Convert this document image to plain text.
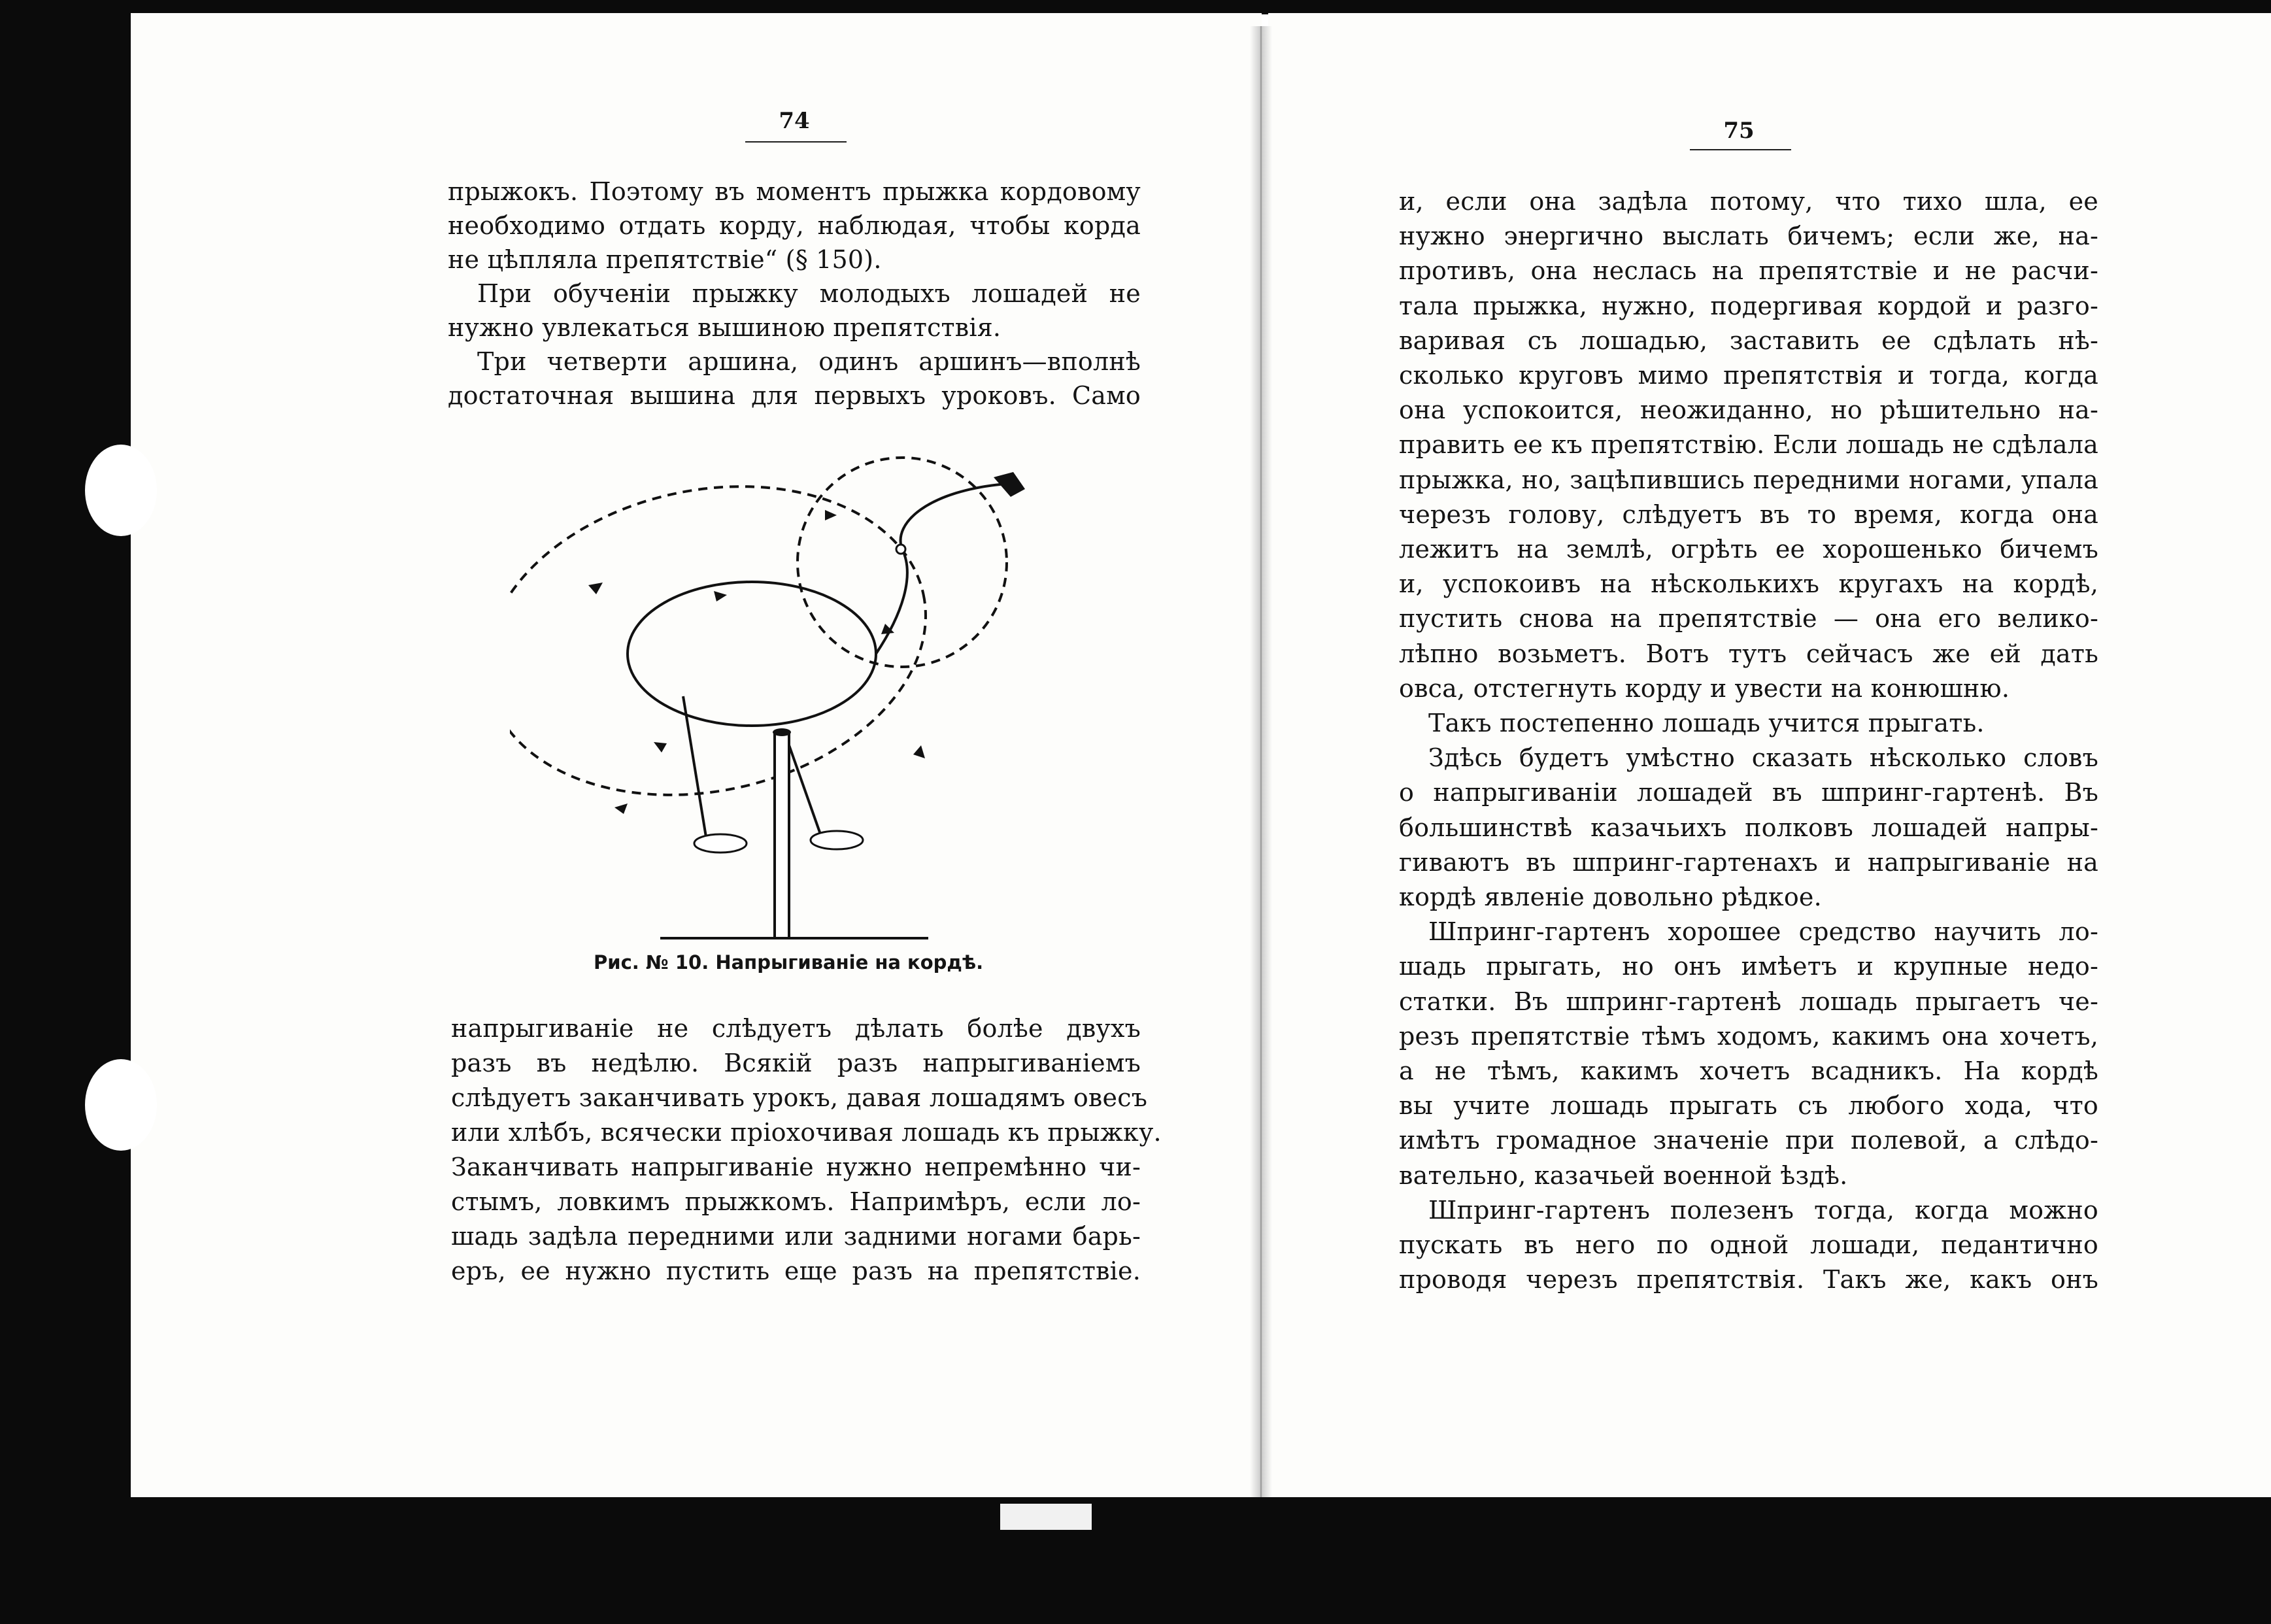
74
прыжокъ. Поэтому въ моментъ прыжка кордовому
необходимо отдать корду, наблюдая, чтобы корда
не цѣпляла препятствіе“ (§ 150).
При обученіи прыжку молодыхъ лошадей не
нужно увлекаться вышиною препятствія.
Три четверти аршина, одинъ аршинъ—вполнѣ
достаточная вышина для первыхъ уроковъ. Само
Рис. № 10. Напрыгиваніе на кордѣ.
напрыгиваніе не слѣдуетъ дѣлать болѣе двухъ
разъ въ недѣлю. Всякій разъ напрыгиваніемъ
слѣдуетъ заканчивать урокъ, давая лошадямъ овесъ
или хлѣбъ, всячески пріохочивая лошадь къ прыжку.
Заканчивать напрыгиваніе нужно непремѣнно чи-
стымъ, ловкимъ прыжкомъ. Напримѣръ, если ло-
шадь задѣла передними или задними ногами барь-
еръ, ее нужно пустить еще разъ на препятствіе.
75
и, если она задѣла потому, что тихо шла, ее
нужно энергично выслать бичемъ; если же, на-
противъ, она неслась на препятствіе и не расчи-
тала прыжка, нужно, подергивая кордой и разго-
варивая съ лошадью, заставить ее сдѣлать нѣ-
сколько круговъ мимо препятствія и тогда, когда
она успокоится, неожиданно, но рѣшительно на-
править ее къ препятствію. Если лошадь не сдѣлала
прыжка, но, зацѣпившись передними ногами, упала
черезъ голову, слѣдуетъ въ то время, когда она
лежитъ на землѣ, огрѣть ее хорошенько бичемъ
и, успокоивъ на нѣсколькихъ кругахъ на кордѣ,
пустить снова на препятствіе — она его велико-
лѣпно возьметъ. Вотъ тутъ сейчасъ же ей дать
овса, отстегнуть корду и увести на конюшню.
Такъ постепенно лошадь учится прыгать.
Здѣсь будетъ умѣстно сказать нѣсколько словъ
о напрыгиваніи лошадей въ шпринг-гартенѣ. Въ
большинствѣ казачьихъ полковъ лошадей напры-
гиваютъ въ шпринг-гартенахъ и напрыгиваніе на
кордѣ явленіе довольно рѣдкое.
Шпринг-гартенъ хорошее средство научить ло-
шадь прыгать, но онъ имѣетъ и крупные недо-
статки. Въ шпринг-гартенѣ лошадь прыгаетъ че-
резъ препятствіе тѣмъ ходомъ, какимъ она хочетъ,
а не тѣмъ, какимъ хочетъ всадникъ. На кордѣ
вы учите лошадь прыгать съ любого хода, что
имѣтъ громадное значеніе при полевой, а слѣдо-
вательно, казачьей военной ѣздѣ.
Шпринг-гартенъ полезенъ тогда, когда можно
пускать въ него по одной лошади, педантично
проводя черезъ препятствія. Такъ же, какъ онъ
